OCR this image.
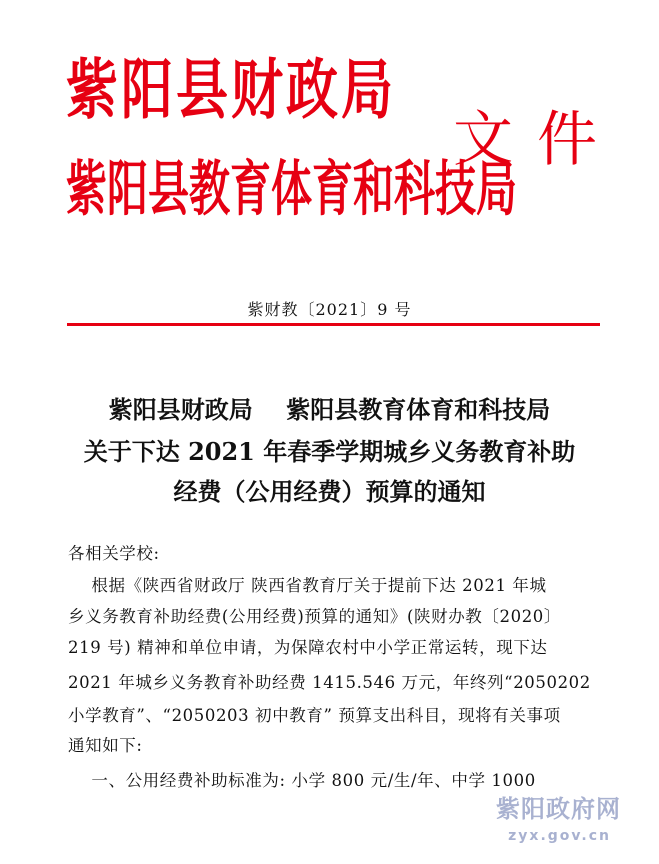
紫阳县财政局
紫阳县教育体育和科技局
文件
紫财教〔2021〕9 号
紫阳县财政局    紫阳县教育体育和科技局
关于下达 2021 年春季学期城乡义务教育补助
经费（公用经费）预算的通知
各相关学校:
根据《陕西省财政厅 陕西省教育厅关于提前下达 2021 年城
乡义务教育补助经费(公用经费)预算的通知》(陕财办教〔2020〕
219 号) 精神和单位申请，为保障农村中小学正常运转，现下达
2021 年城乡义务教育补助经费 1415.546 万元，年终列“2050202
小学教育”、“2050203 初中教育” 预算支出科目，现将有关事项
通知如下:
一、公用经费补助标准为: 小学 800 元/生/年、中学 1000
紫阳政府网
zyx.gov.cn
